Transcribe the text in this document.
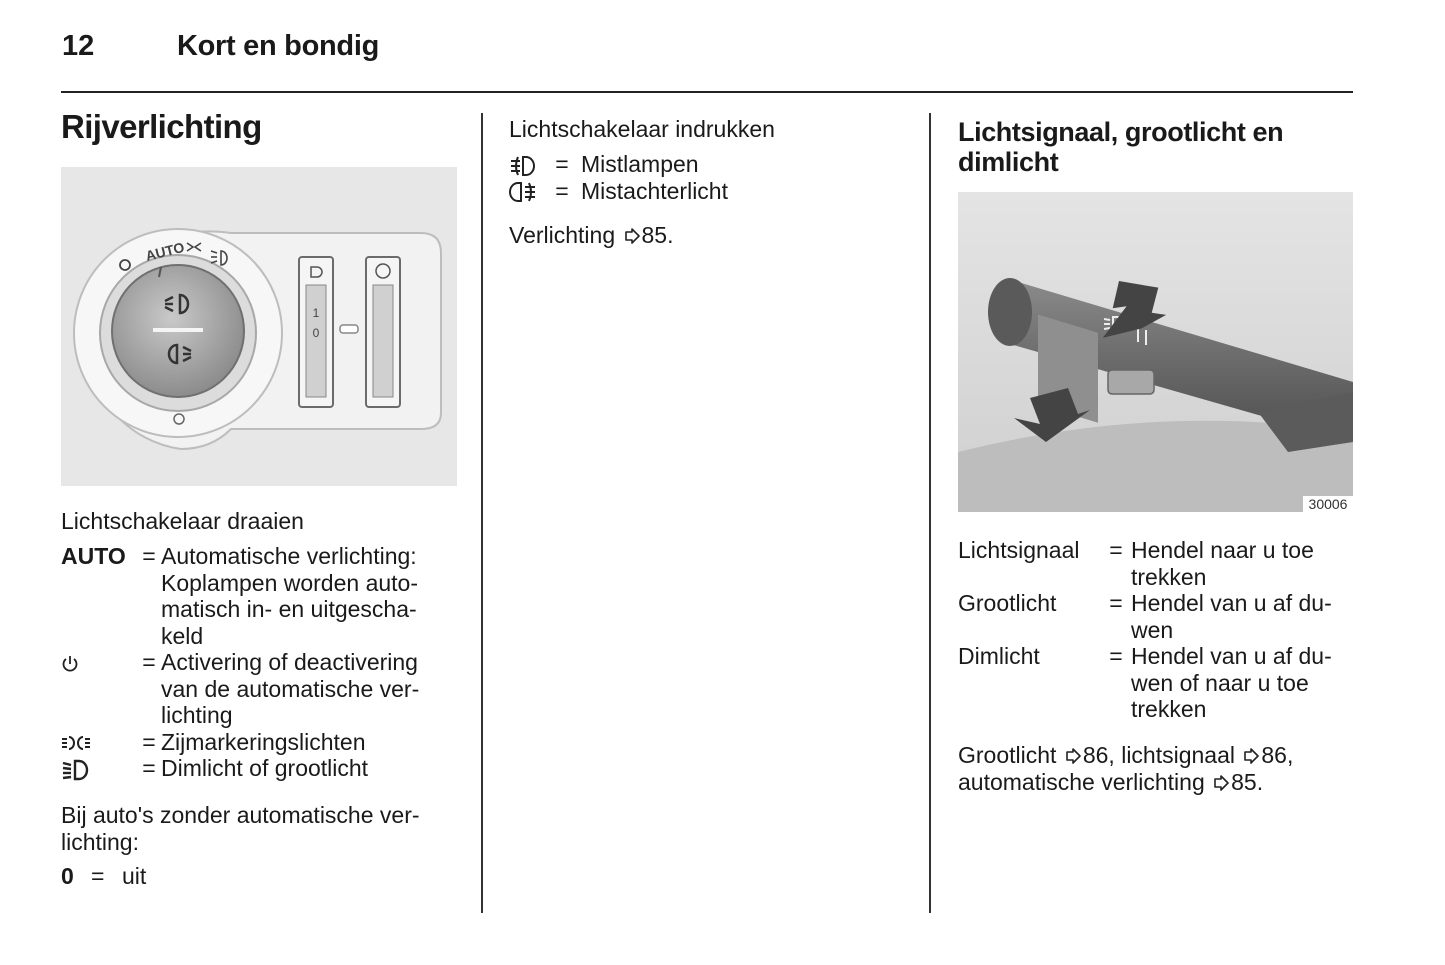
12	Kort en bondig
Rijverlichting
AUTO
1
0
Lichtschakelaar draaien
AUTO = Automatische verlichting:
Koplampen worden auto-
matisch in- en uitgescha-
keld
= Activering of deactivering
van de automatische ver-
lichting
= Zijmarkeringslichten
= Dimlicht of grootlicht
Bij auto's zonder automatische ver-
lichting:
0 = uit
Lichtschakelaar indrukken
= Mistlampen
= Mistachterlicht
Verlichting 85.
Lichtsignaal, grootlicht en
dimlicht
30006
Lichtsignaal	= Hendel naar u toe
trekken
Grootlicht	= Hendel van u af du-
wen
Dimlicht	= Hendel van u af du-
wen of naar u toe
trekken
Grootlicht 86, lichtsignaal 86,
automatische verlichting 85.
